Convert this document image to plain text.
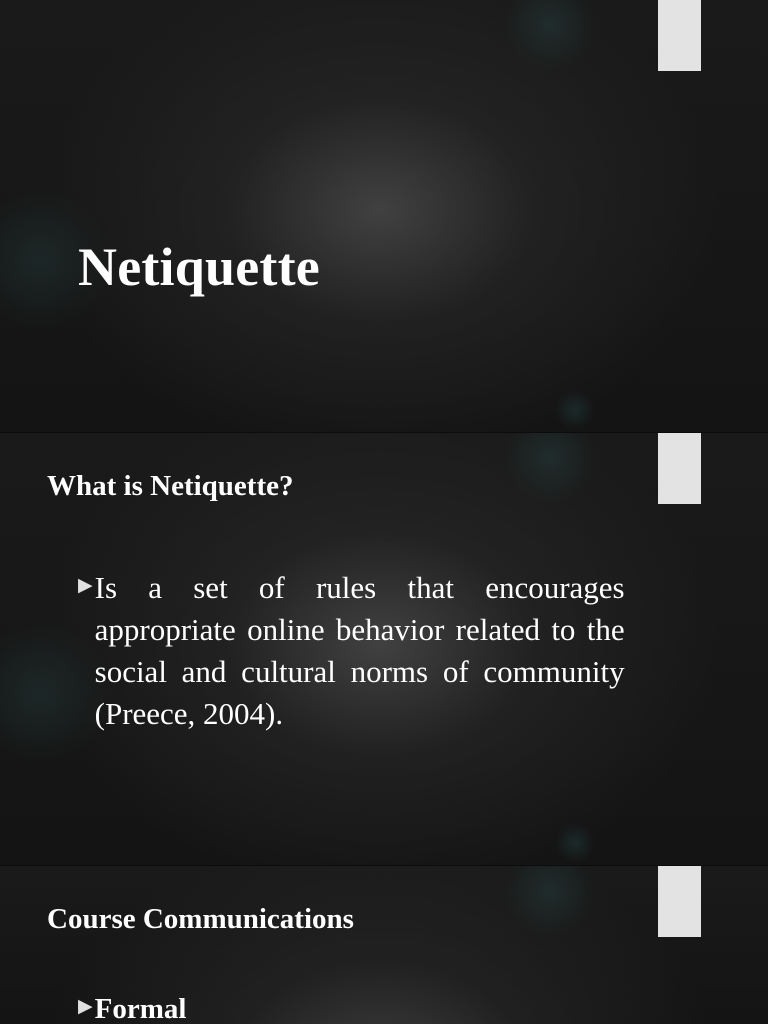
Netiquette
What is Netiquette?
▶ Is a set of rules that encourages appropriate online behavior related to the social and cultural norms of community (Preece, 2004).
Course Communications
▶ Formal
